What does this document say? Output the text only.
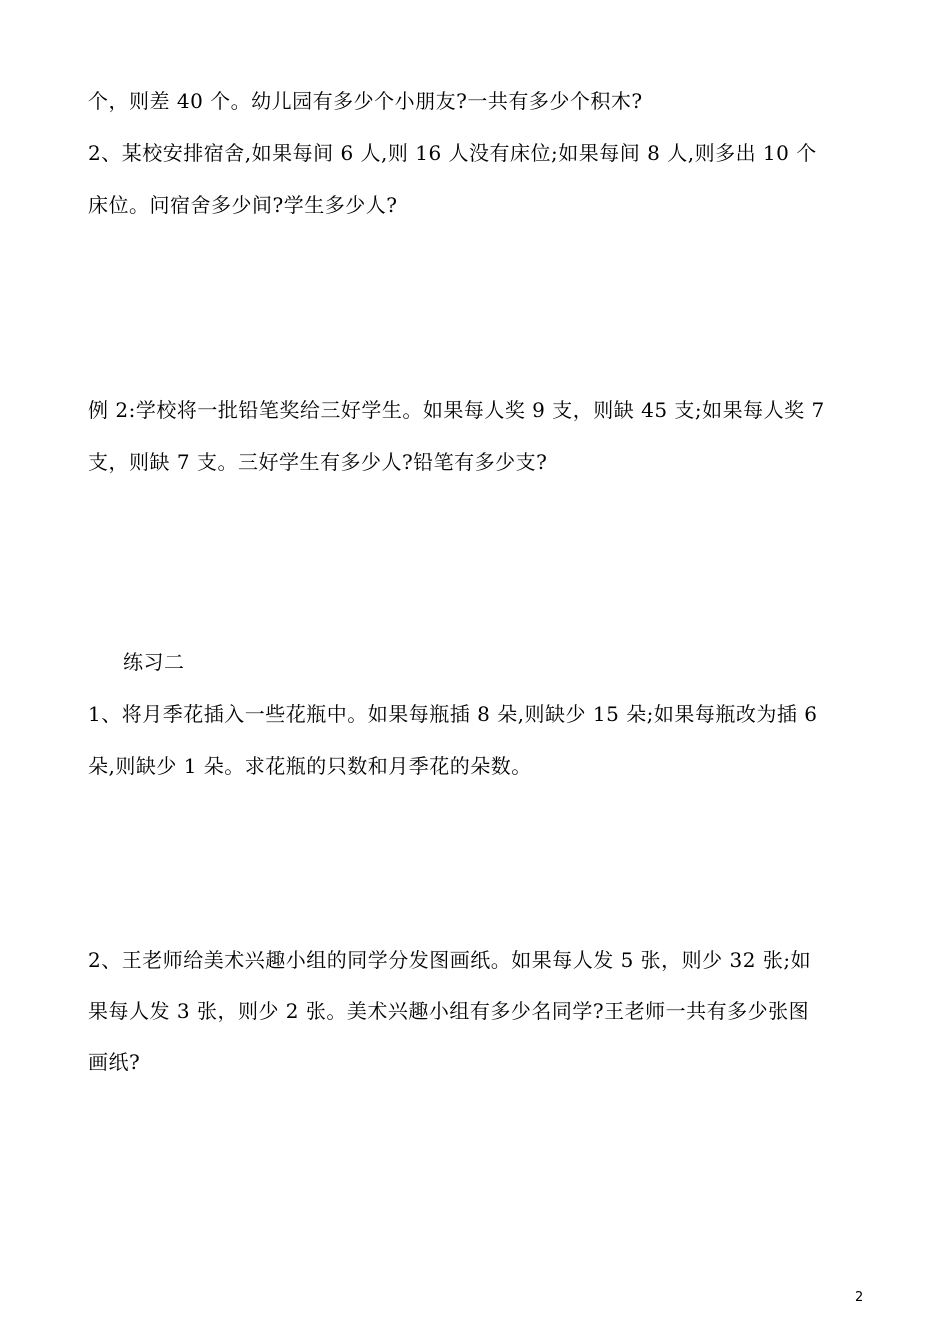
个，则差 40 个。幼儿园有多少个小朋友?一共有多少个积木?
2、某校安排宿舍,如果每间 6 人,则 16 人没有床位;如果每间 8 人,则多出 10 个
床位。问宿舍多少间?学生多少人?
例 2:学校将一批铅笔奖给三好学生。如果每人奖 9 支，则缺 45 支;如果每人奖 7
支，则缺 7 支。三好学生有多少人?铅笔有多少支?
练习二
1、将月季花插入一些花瓶中。如果每瓶插 8 朵,则缺少 15 朵;如果每瓶改为插 6
朵,则缺少 1 朵。求花瓶的只数和月季花的朵数。
2、王老师给美术兴趣小组的同学分发图画纸。如果每人发 5 张，则少 32 张;如
果每人发 3 张，则少 2 张。美术兴趣小组有多少名同学?王老师一共有多少张图
画纸?
2
